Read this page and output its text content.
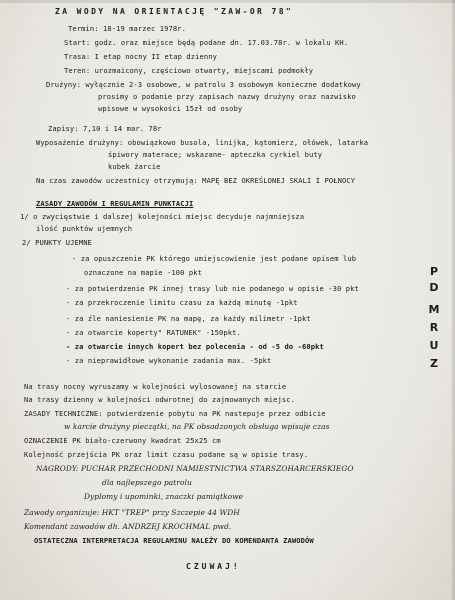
ZA WODY NA ORIENTACJĘ "ZAW-OR 78"
Termin: 18-19 marzec 1978r.
Start: godz. oraz miejsce będą podane dn. 17.03.78r. w lokalu KH.
Trasa: I etap nocny II etap dzienny
Teren: urozmaicony, częściowo otwarty, miejscami podmokły
Drużyny: wyłącznie 2-3 osobowe, w patrolu 3 osobowym konieczne dodatkowy
prosimy o podanie przy zapisach nazwy drużyny oraz nazwisko
wpisowe w wysokości 15zł od osoby
Zapisy: 7,10 i 14 mar. 78r
Wyposażenie drużyny: obowiązkowo busola, linijka, kątomierz, ołówek, latarka
śpiwory materace; wskazane- apteczka cyrkiel buty
kubek żarcie
Na czas zawodów uczestnicy otrzymują: MAPĘ BEZ OKREŚLONEJ SKALI I POŁNOCY
ZASADY ZAWODÓW I REGULAMIN PUNKTACJI
1/ o zwycięstwie i dalszej kolejności miejsc decyduje najmniejsza
ilość punktów ujemnych
2/ PUNKTY UJEMNE
- za opuszczenie PK którego umiejscowienie jest podane opisem lub
oznaczone na mapie -100 pkt
- za potwierdzenie PK innej trasy lub nie podanego w opisie -30 pkt
- za przekroczenie limitu czasu za każdą minutę -1pkt
- za źle naniesienie PK na mapę, za każdy milimetr -1pkt
- za otwarcie koperty" RATUNEK" -150pkt.
- za otwarcie innych kopert bez polecenia - od -5 do -60pkt
- za nieprawidłowe wykonanie zadania max. -5pkt
Na trasy nocny wyruszamy w kolejności wylosowanej na starcie
Na trasy dzienny w kolejności odwrotnej do zajmowanych miejsc.
ZASADY TECHNICZNE: potwierdzenie pobytu na PK nastepuje przez odbicie
w karcie drużyny pieczątki, na PK obsadzonych obsługa wpisuje czas
OZNACZENIE PK biało-czerwony kwadrat 25x25 cm
Kolejność przejścia PK oraz limit czasu podane są w opisie trasy.
NAGRODY: PUCHAR PRZECHODNI NAMIESTNICTWA STARSZOHARCERSKIEGO
dla najlepszego patrolu
Dyplomy i upominki, znaczki pamiątkowe
Zawody organizuje: HKT "TREP" przy Szczepie 44 WDH
Komendant zawodów dh. ANDRZEJ KROCHMAL pwd.
OSTATECZNA INTERPRETACJA REGULAMINU NALEŻY DO KOMENDANTA ZAWODÓW
CZUWAJ!
P
D
M
R
U
Z
